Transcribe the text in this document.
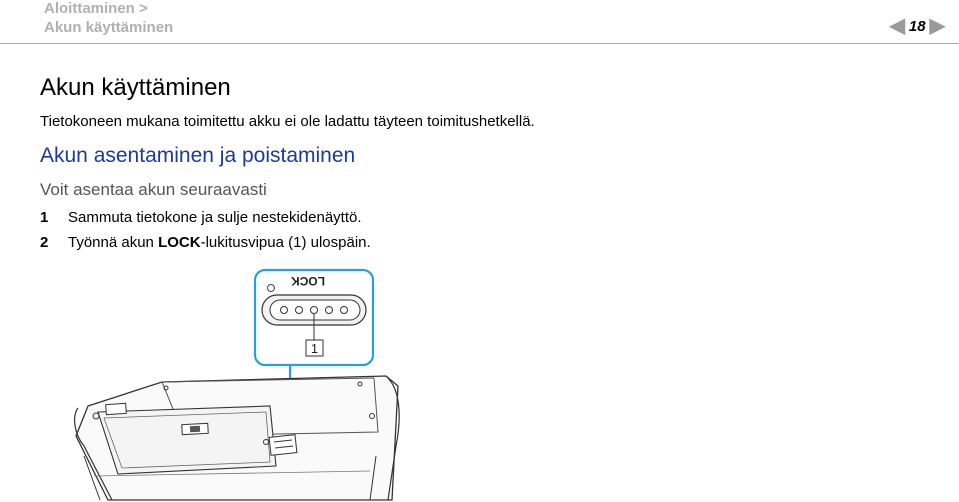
Aloittaminen >
Akun käyttäminen	◀ 18 ▶
Akun käyttäminen
Tietokoneen mukana toimitettu akku ei ole ladattu täyteen toimitushetkellä.
Akun asentaminen ja poistaminen
Voit asentaa akun seuraavasti
1 Sammuta tietokone ja sulje nestekidenäyttö.
2 Työnnä akun LOCK-lukitusvipua (1) ulospäin.
LOCK
1
